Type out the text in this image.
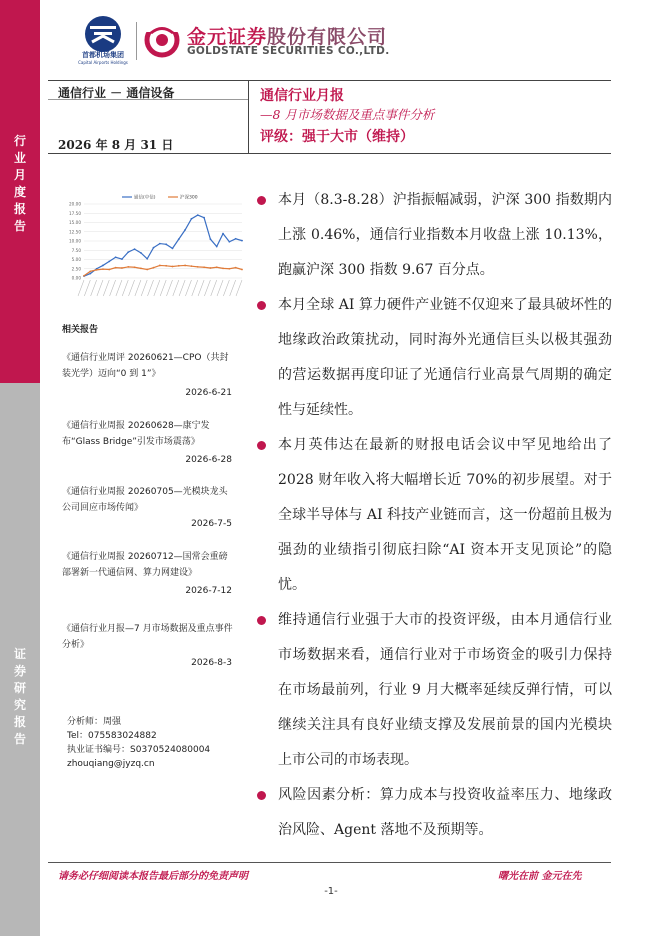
行业月度报告
证券研究报告
首都机场集团
Capital Airports Holdings
金元证券股份有限公司
GOLDSTATE SECURITIES CO.,LTD.
通信行业 － 通信设备
2026 年 8 月 31 日
通信行业月报
—8 月市场数据及重点事件分析
评级：强于大市（维持）
0.00
2.50
5.00
7.50
10.00
12.50
15.00
17.50
20.00
通信(中信)	沪深300
相关报告
《通信行业周评 20260621—CPO（共封装光学）迈向“0 到 1”》
2026-6-21
《通信行业周报 20260628—康宁发布“Glass Bridge”引发市场震荡》
2026-6-28
《通信行业周报 20260705—光模块龙头公司回应市场传闻》
2026-7-5
《通信行业周报 20260712—国常会重磅部署新一代通信网、算力网建设》
2026-7-12
《通信行业月报—7 月市场数据及重点事件分析》
2026-8-3
分析师：周强
Tel：07558302488​2
执业证书编号：S0370524080004
zhouqiang@jyzq.cn
本月（8.3-8.28）沪指振幅减弱，沪深 300 指数期内上涨 0.46%，通信行业指数本月收盘上涨 10.13%，跑赢沪深 300 指数 9.67 百分点。
本月全球 AI 算力硬件产业链不仅迎来了最具破坏性的地缘政治政策扰动，同时海外光通信巨头以极其强劲的营运数据再度印证了光通信行业高景气周期的确定性与延续性。
本月英伟达在最新的财报电话会议中罕见地给出了 2028 财年收入将大幅增长近 70%的初步展望。对于全球半导体与 AI 科技产业链而言，这一份超前且极为强劲的业绩指引彻底扫除“AI 资本开支见顶论”的隐忧。
维持通信行业强于大市的投资评级，由本月通信行业市场数据来看，通信行业对于市场资金的吸引力保持在市场最前列，行业 9 月大概率延续反弹行情，可以继续关注具有良好业绩支撑及发展前景的国内光模块上市公司的市场表现。
风险因素分析：算力成本与投资收益率压力、地缘政治风险、Agent 落地不及预期等。
请务必仔细阅读本报告最后部分的免责声明	曙光在前 金元在先
-1-
